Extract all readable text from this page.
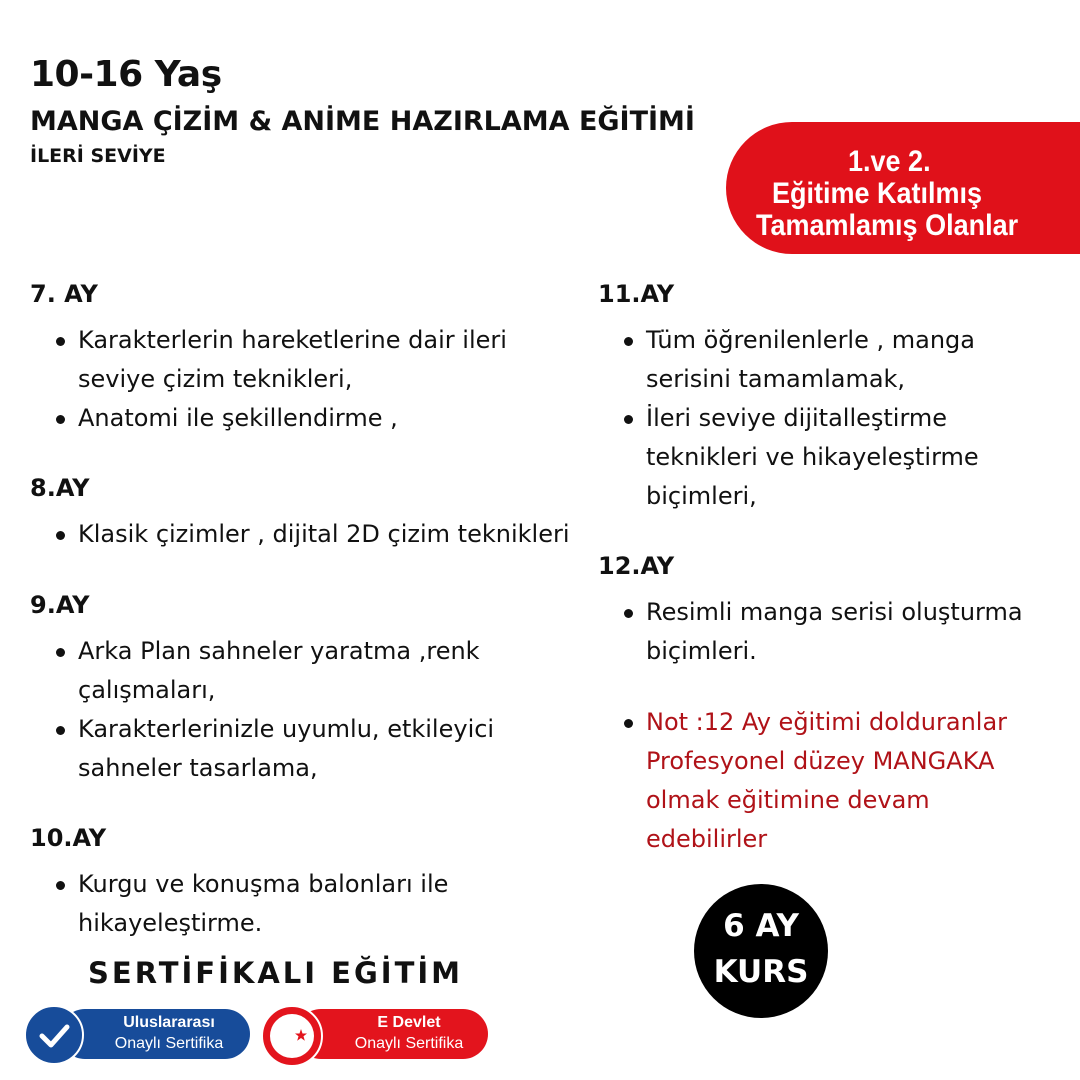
10-16 Yaş
MANGA ÇİZİM & ANİME HAZIRLAMA EĞİTİMİ
İLERİ SEVİYE	1.ve 2.
Eğitime Katılmış
Tamamlamış Olanlar
7. AY
Karakterlerin hareketlerine dair ileri seviye çizim teknikleri,
Anatomi ile şekillendirme ,
8.AY
Klasik çizimler , dijital 2D çizim teknikleri
9.AY
Arka Plan sahneler yaratma ,renk çalışmaları,
Karakterlerinizle uyumlu, etkileyici sahneler tasarlama,
10.AY
Kurgu ve konuşma balonları ile hikayeleştirme.
11.AY
Tüm öğrenilenlerle , manga serisini tamamlamak,
İleri seviye dijitalleştirme teknikleri ve hikayeleştirme biçimleri,
12.AY
Resimli manga serisi oluşturma biçimleri.
Not :12 Ay eğitimi dolduranlar Profesyonel düzey MANGAKA olmak eğitimine devam edebilirler
SERTİFİKALI EĞİTİM
6 AY
KURS
Uluslararası
Onaylı Sertifika
E Devlet
Onaylı Sertifika
